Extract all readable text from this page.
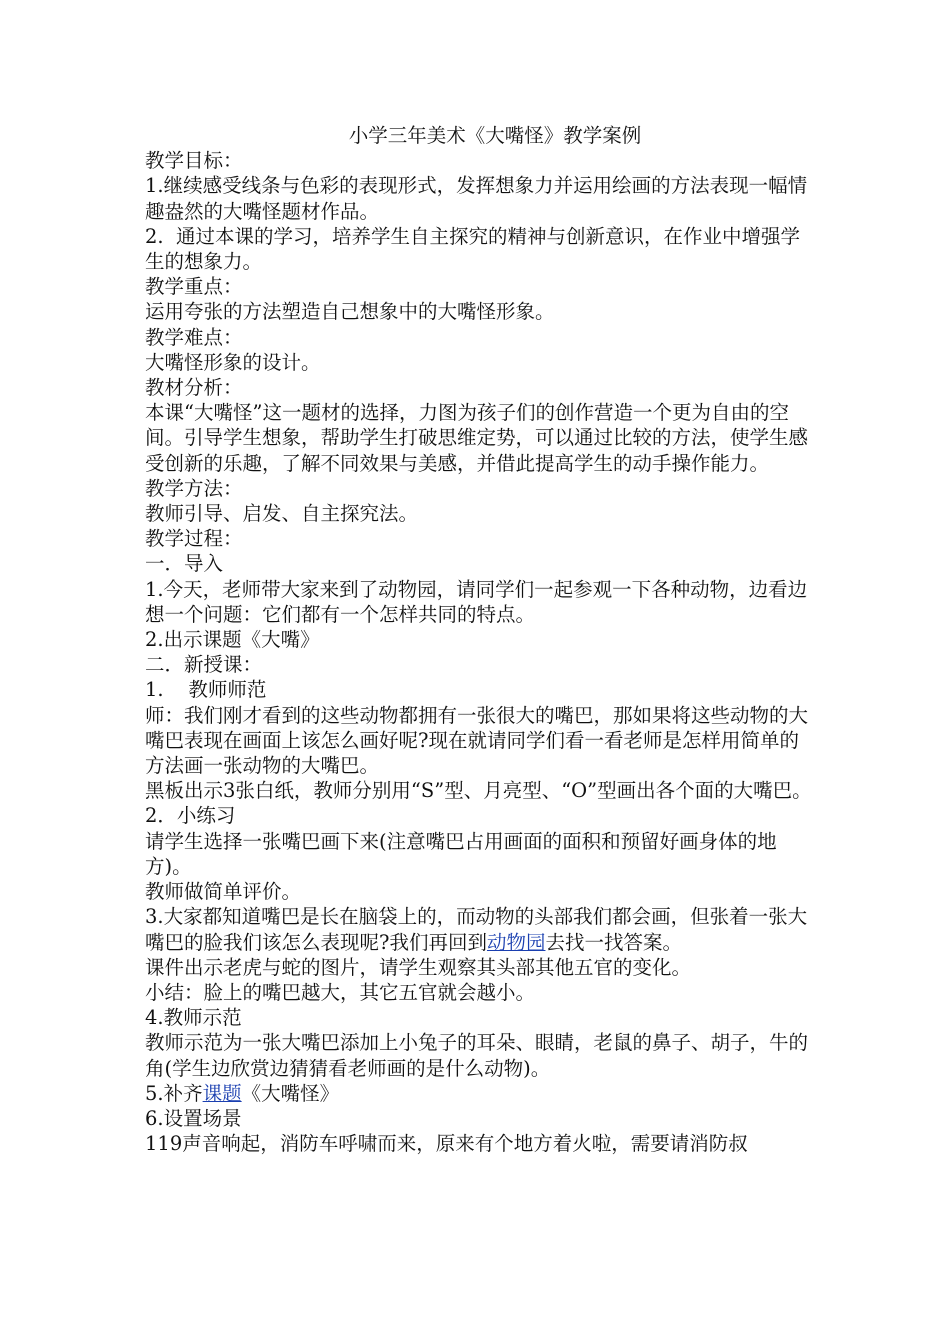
小学三年美术《大嘴怪》教学案例

教学目标：

1.继续感受线条与色彩的表现形式，发挥想象力并运用绘画的方法表现一幅情趣盎然的大嘴怪题材作品。

2.  通过本课的学习，培养学生自主探究的精神与创新意识，在作业中增强学生的想象力。

教学重点：

运用夸张的方法塑造自己想象中的大嘴怪形象。

教学难点：

大嘴怪形象的设计。

教材分析：

本课“大嘴怪”这一题材的选择，力图为孩子们的创作营造一个更为自由的空间。引导学生想象，帮助学生打破思维定势，可以通过比较的方法，使学生感受创新的乐趣，了解不同效果与美感，并借此提高学生的动手操作能力。

教学方法：

教师引导、启发、自主探究法。

教学过程：

一．导入

1.今天，老师带大家来到了动物园，请同学们一起参观一下各种动物，边看边想一个问题：它们都有一个怎样共同的特点。

2.出示课题《大嘴》

二．新授课：

1.    教师师范

师：我们刚才看到的这些动物都拥有一张很大的嘴巴，那如果将这些动物的大嘴巴表现在画面上该怎么画好呢?现在就请同学们看一看老师是怎样用简单的方法画一张动物的大嘴巴。

黑板出示3张白纸，教师分别用“S”型、月亮型、“O”型画出各个面的大嘴巴。

2．小练习

请学生选择一张嘴巴画下来(注意嘴巴占用画面的面积和预留好画身体的地方)。

教师做简单评价。

3.大家都知道嘴巴是长在脑袋上的，而动物的头部我们都会画，但张着一张大嘴巴的脸我们该怎么表现呢?我们再回到动物园去找一找答案。

课件出示老虎与蛇的图片，请学生观察其头部其他五官的变化。

小结：脸上的嘴巴越大，其它五官就会越小。

4.教师示范

教师示范为一张大嘴巴添加上小兔子的耳朵、眼睛，老鼠的鼻子、胡子，牛的角(学生边欣赏边猜猜看老师画的是什么动物)。

5.补齐课题《大嘴怪》

6.设置场景

119声音响起，消防车呼啸而来，原来有个地方着火啦，需要请消防叔
